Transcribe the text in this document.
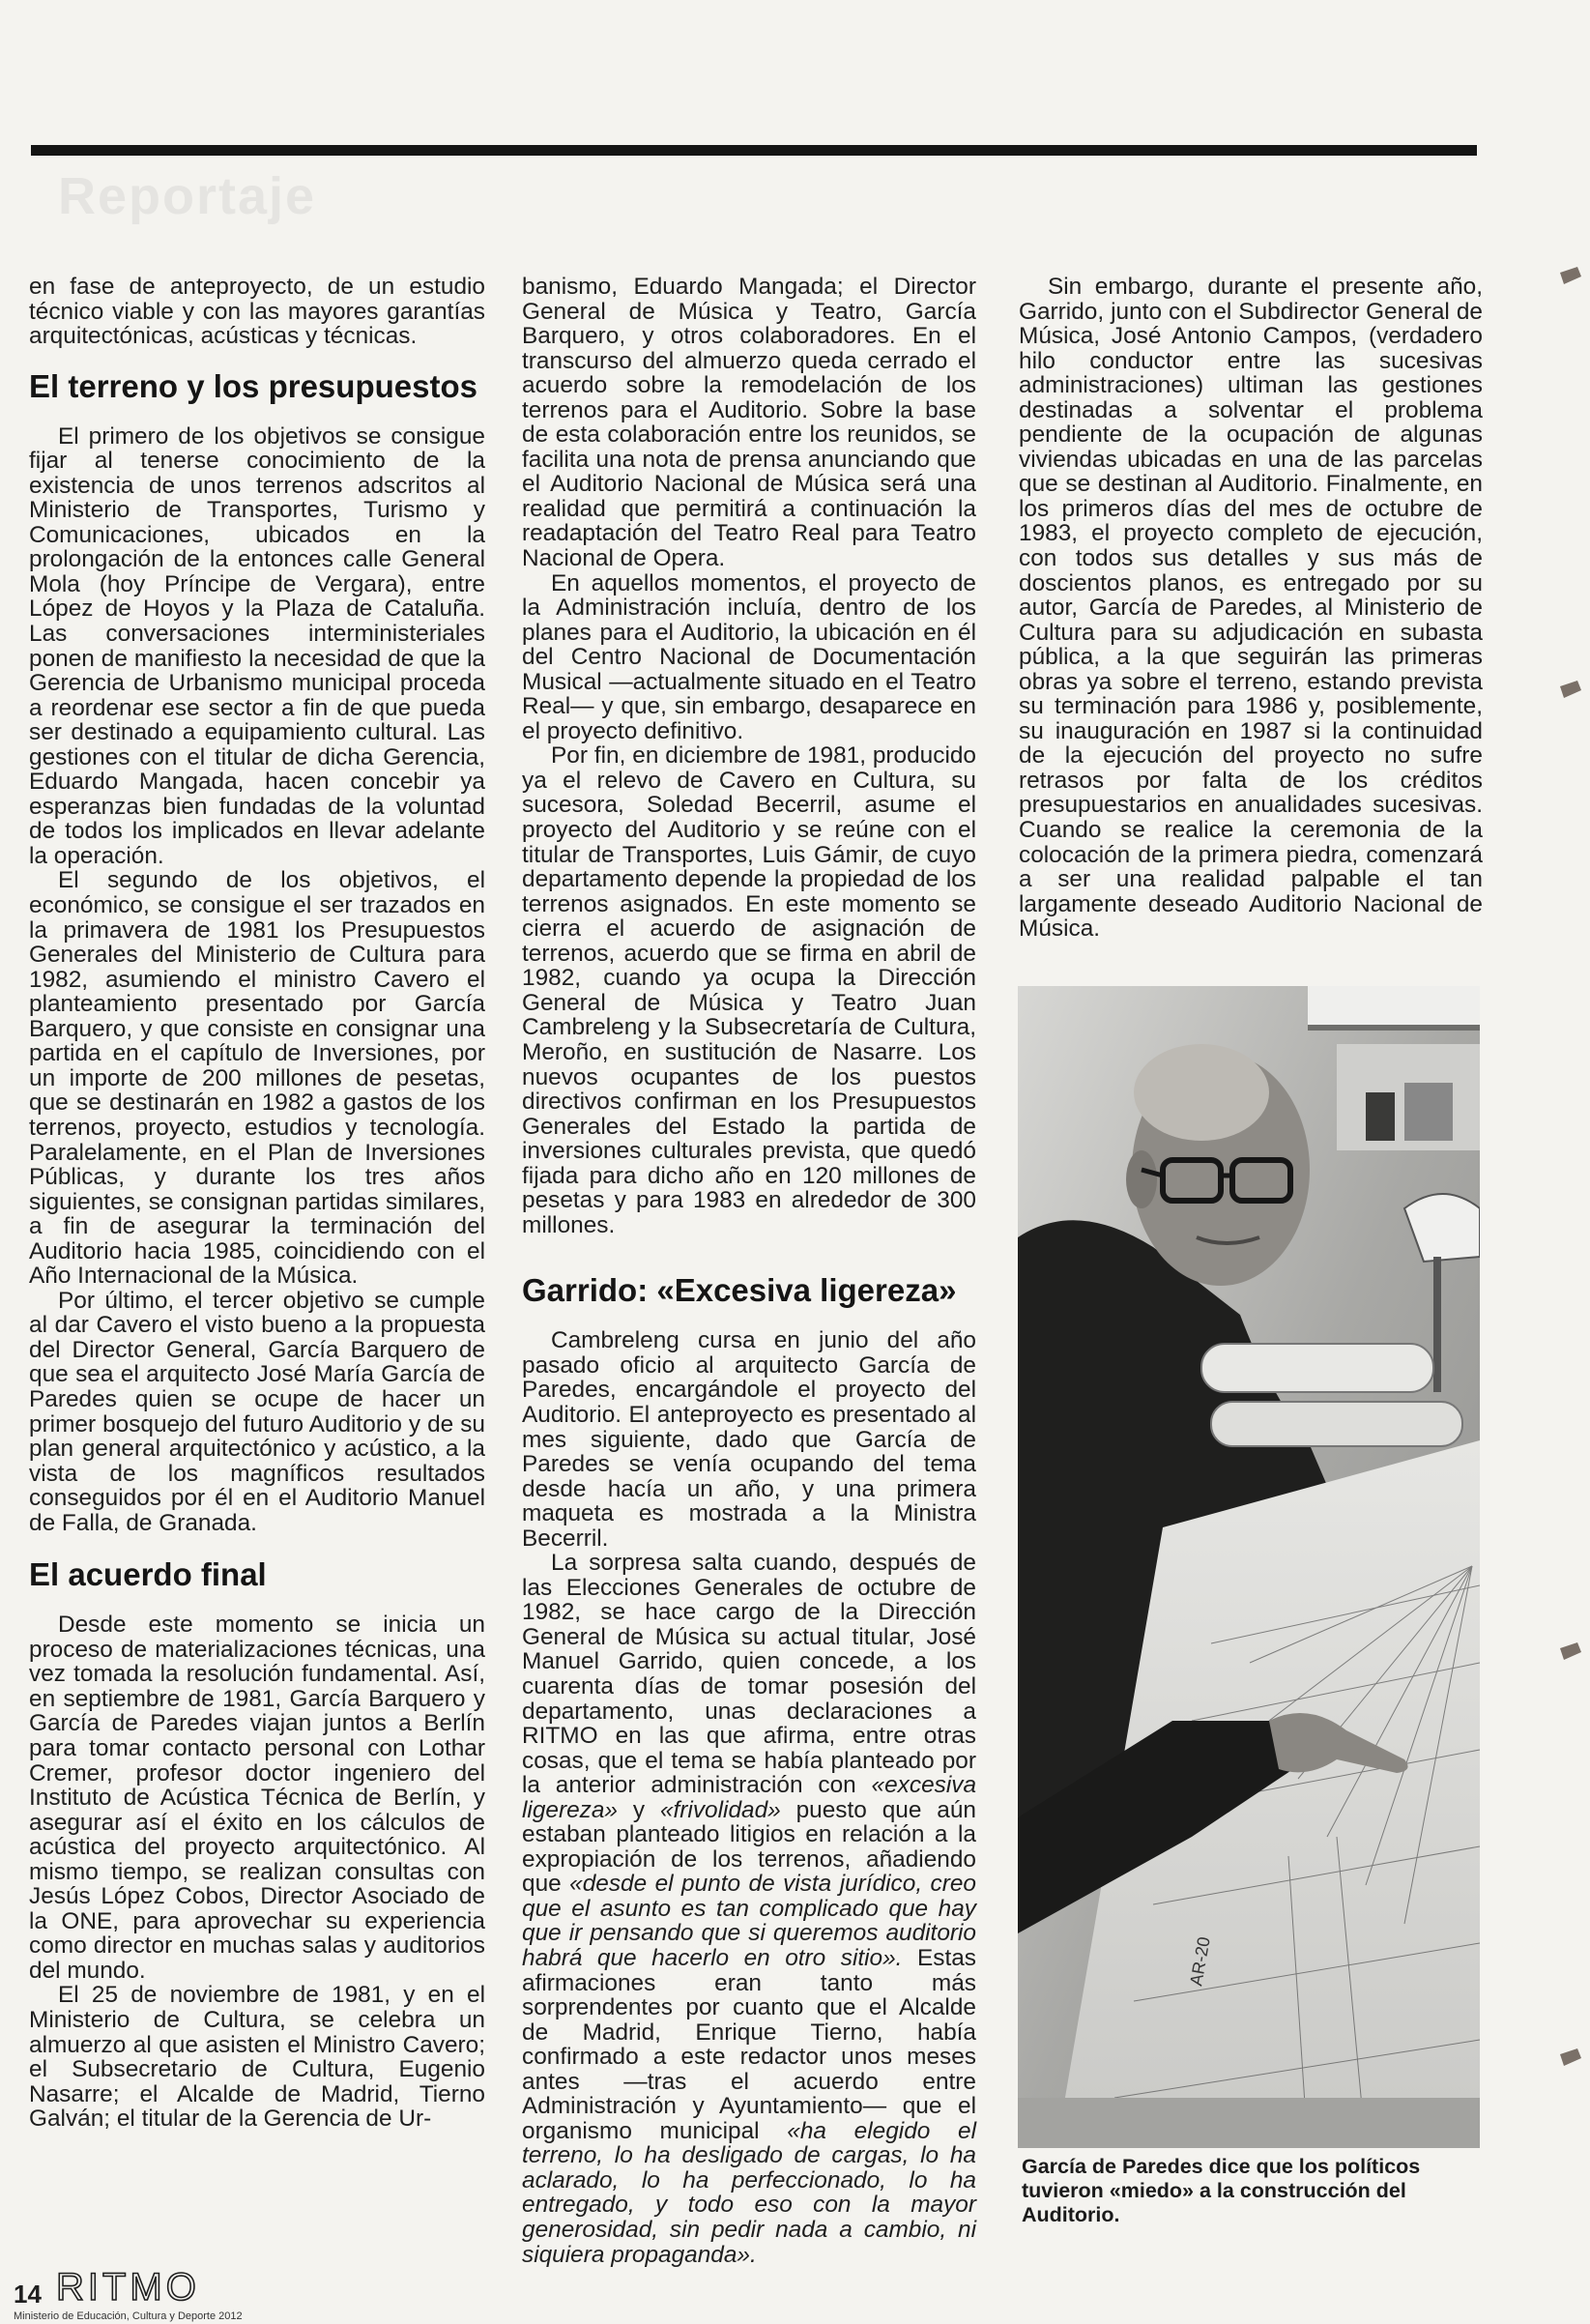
Reportaje

en fase de anteproyecto, de un estudio técnico viable y con las mayores garantías arquitectónicas, acústicas y técnicas.

El terreno y los presupuestos

El primero de los objetivos se consigue fijar al tenerse conocimiento de la existencia de unos terrenos adscritos al Ministerio de Transportes, Turismo y Comunicaciones, ubicados en la prolongación de la entonces calle General Mola (hoy Príncipe de Vergara), entre López de Hoyos y la Plaza de Cataluña. Las conversaciones interministeriales ponen de manifiesto la necesidad de que la Gerencia de Urbanismo municipal proceda a reordenar ese sector a fin de que pueda ser destinado a equipamiento cultural. Las gestiones con el titular de dicha Gerencia, Eduardo Mangada, hacen concebir ya esperanzas bien fundadas de la voluntad de todos los implicados en llevar adelante la operación.

El segundo de los objetivos, el económico, se consigue el ser trazados en la primavera de 1981 los Presupuestos Generales del Ministerio de Cultura para 1982, asumiendo el ministro Cavero el planteamiento presentado por García Barquero, y que consiste en consignar una partida en el capítulo de Inversiones, por un importe de 200 millones de pesetas, que se destinarán en 1982 a gastos de los terrenos, proyecto, estudios y tecnología. Paralelamente, en el Plan de Inversiones Públicas, y durante los tres años siguientes, se consignan partidas similares, a fin de asegurar la terminación del Auditorio hacia 1985, coincidiendo con el Año Internacional de la Música.

Por último, el tercer objetivo se cumple al dar Cavero el visto bueno a la propuesta del Director General, García Barquero de que sea el arquitecto José María García de Paredes quien se ocupe de hacer un primer bosquejo del futuro Auditorio y de su plan general arquitectónico y acústico, a la vista de los magníficos resultados conseguidos por él en el Auditorio Manuel de Falla, de Granada.

El acuerdo final

Desde este momento se inicia un proceso de materializaciones técnicas, una vez tomada la resolución fundamental. Así, en septiembre de 1981, García Barquero y García de Paredes viajan juntos a Berlín para tomar contacto personal con Lothar Cremer, profesor doctor ingeniero del Instituto de Acústica Técnica de Berlín, y asegurar así el éxito en los cálculos de acústica del proyecto arquitectónico. Al mismo tiempo, se realizan consultas con Jesús López Cobos, Director Asociado de la ONE, para aprovechar su experiencia como director en muchas salas y auditorios del mundo.

El 25 de noviembre de 1981, y en el Ministerio de Cultura, se celebra un almuerzo al que asisten el Ministro Cavero; el Subsecretario de Cultura, Eugenio Nasarre; el Alcalde de Madrid, Tierno Galván; el titular de la Gerencia de Ur-

banismo, Eduardo Mangada; el Director General de Música y Teatro, García Barquero, y otros colaboradores. En el transcurso del almuerzo queda cerrado el acuerdo sobre la remodelación de los terrenos para el Auditorio. Sobre la base de esta colaboración entre los reunidos, se facilita una nota de prensa anunciando que el Auditorio Nacional de Música será una realidad que permitirá a continuación la readaptación del Teatro Real para Teatro Nacional de Opera.

En aquellos momentos, el proyecto de la Administración incluía, dentro de los planes para el Auditorio, la ubicación en él del Centro Nacional de Documentación Musical —actualmente situado en el Teatro Real— y que, sin embargo, desaparece en el proyecto definitivo.

Por fin, en diciembre de 1981, producido ya el relevo de Cavero en Cultura, su sucesora, Soledad Becerril, asume el proyecto del Auditorio y se reúne con el titular de Transportes, Luis Gámir, de cuyo departamento depende la propiedad de los terrenos asignados. En este momento se cierra el acuerdo de asignación de terrenos, acuerdo que se firma en abril de 1982, cuando ya ocupa la Dirección General de Música y Teatro Juan Cambreleng y la Subsecretaría de Cultura, Meroño, en sustitución de Nasarre. Los nuevos ocupantes de los puestos directivos confirman en los Presupuestos Generales del Estado la partida de inversiones culturales prevista, que quedó fijada para dicho año en 120 millones de pesetas y para 1983 en alrededor de 300 millones.

Garrido: «Excesiva ligereza»

Cambreleng cursa en junio del año pasado oficio al arquitecto García de Paredes, encargándole el proyecto del Auditorio. El anteproyecto es presentado al mes siguiente, dado que García de Paredes se venía ocupando del tema desde hacía un año, y una primera maqueta es mostrada a la Ministra Becerril.

La sorpresa salta cuando, después de las Elecciones Generales de octubre de 1982, se hace cargo de la Dirección General de Música su actual titular, José Manuel Garrido, quien concede, a los cuarenta días de tomar posesión del departamento, unas declaraciones a RITMO en las que afirma, entre otras cosas, que el tema se había planteado por la anterior administración con «excesiva ligereza» y «frivolidad» puesto que aún estaban planteado litigios en relación a la expropiación de los terrenos, añadiendo que «desde el punto de vista jurídico, creo que el asunto es tan complicado que hay que ir pensando que si queremos auditorio habrá que hacerlo en otro sitio». Estas afirmaciones eran tanto más sorprendentes por cuanto que el Alcalde de Madrid, Enrique Tierno, había confirmado a este redactor unos meses antes —tras el acuerdo entre Administración y Ayuntamiento— que el organismo municipal «ha elegido el terreno, lo ha desligado de cargas, lo ha aclarado, lo ha perfeccionado, lo ha entregado, y todo eso con la mayor generosidad, sin pedir nada a cambio, ni siquiera propaganda».

Sin embargo, durante el presente año, Garrido, junto con el Subdirector General de Música, José Antonio Campos, (verdadero hilo conductor entre las sucesivas administraciones) ultiman las gestiones destinadas a solventar el problema pendiente de la ocupación de algunas viviendas ubicadas en una de las parcelas que se destinan al Auditorio. Finalmente, en los primeros días del mes de octubre de 1983, el proyecto completo de ejecución, con todos sus detalles y sus más de doscientos planos, es entregado por su autor, García de Paredes, al Ministerio de Cultura para su adjudicación en subasta pública, a la que seguirán las primeras obras ya sobre el terreno, estando prevista su terminación para 1986 y, posiblemente, su inauguración en 1987 si la continuidad de la ejecución del proyecto no sufre retrasos por falta de los créditos presupuestarios en anualidades sucesivas. Cuando se realice la ceremonia de la colocación de la primera piedra, comenzará a ser una realidad palpable el tan largamente deseado Auditorio Nacional de Música.

AR-20
García de Paredes dice que los políticos tuvieron «miedo» a la construcción del Auditorio.
14 RITMO
Ministerio de Educación, Cultura y Deporte 2012
